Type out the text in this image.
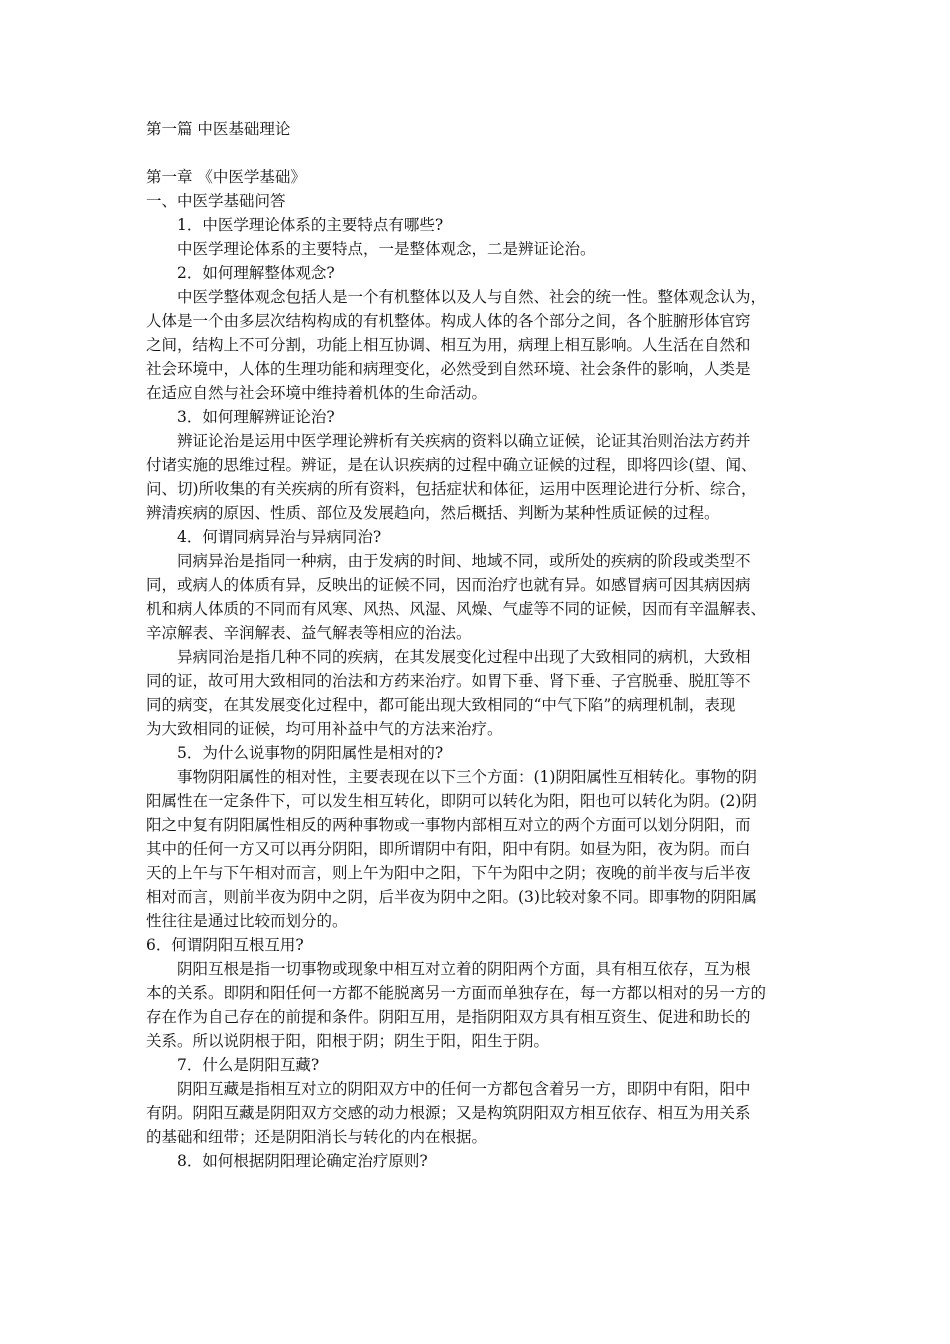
第一篇 中医基础理论
第一章 《中医学基础》
一、中医学基础问答
　　1．中医学理论体系的主要特点有哪些?
　　中医学理论体系的主要特点，一是整体观念，二是辨证论治。
　　2．如何理解整体观念?
　　中医学整体观念包括人是一个有机整体以及人与自然、社会的统一性。整体观念认为，
人体是一个由多层次结构构成的有机整体。构成人体的各个部分之间，各个脏腑形体官窍
之间，结构上不可分割，功能上相互协调、相互为用，病理上相互影响。人生活在自然和
社会环境中，人体的生理功能和病理变化，必然受到自然环境、社会条件的影响，人类是
在适应自然与社会环境中维持着机体的生命活动。
　　3．如何理解辨证论治?
　　辨证论治是运用中医学理论辨析有关疾病的资料以确立证候，论证其治则治法方药并
付诸实施的思维过程。辨证，是在认识疾病的过程中确立证候的过程，即将四诊(望、闻、
问、切)所收集的有关疾病的所有资料，包括症状和体征，运用中医理论进行分析、综合，
辨清疾病的原因、性质、部位及发展趋向，然后概括、判断为某种性质证候的过程。
　　4．何谓同病异治与异病同治?
　　同病异治是指同一种病，由于发病的时间、地域不同，或所处的疾病的阶段或类型不
同，或病人的体质有异，反映出的证候不同，因而治疗也就有异。如感冒病可因其病因病
机和病人体质的不同而有风寒、风热、风湿、风燥、气虚等不同的证候，因而有辛温解表、
辛凉解表、辛润解表、益气解表等相应的治法。
　　异病同治是指几种不同的疾病，在其发展变化过程中出现了大致相同的病机，大致相
同的证，故可用大致相同的治法和方药来治疗。如胃下垂、肾下垂、子宫脱垂、脱肛等不
同的病变，在其发展变化过程中，都可能出现大致相同的“中气下陷”的病理机制，表现
为大致相同的证候，均可用补益中气的方法来治疗。
　　5．为什么说事物的阴阳属性是相对的?
　　事物阴阳属性的相对性，主要表现在以下三个方面：(1)阴阳属性互相转化。事物的阴
阳属性在一定条件下，可以发生相互转化，即阴可以转化为阳，阳也可以转化为阴。(2)阴
阳之中复有阴阳属性相反的两种事物或一事物内部相互对立的两个方面可以划分阴阳，而
其中的任何一方又可以再分阴阳，即所谓阴中有阳，阳中有阴。如昼为阳，夜为阴。而白
天的上午与下午相对而言，则上午为阳中之阳，下午为阳中之阴；夜晚的前半夜与后半夜
相对而言，则前半夜为阴中之阴，后半夜为阴中之阳。(3)比较对象不同。即事物的阴阳属
性往往是通过比较而划分的。
6．何谓阴阳互根互用?
　　阴阳互根是指一切事物或现象中相互对立着的阴阳两个方面，具有相互依存，互为根
本的关系。即阴和阳任何一方都不能脱离另一方面而单独存在，每一方都以相对的另一方的
存在作为自己存在的前提和条件。阴阳互用，是指阴阳双方具有相互资生、促进和助长的
关系。所以说阴根于阳，阳根于阴；阴生于阳，阳生于阴。
　　7．什么是阴阳互藏?
　　阴阳互藏是指相互对立的阴阳双方中的任何一方都包含着另一方，即阴中有阳，阳中
有阴。阴阳互藏是阴阳双方交感的动力根源；又是构筑阴阳双方相互依存、相互为用关系
的基础和纽带；还是阴阳消长与转化的内在根据。
　　8．如何根据阴阳理论确定治疗原则?
